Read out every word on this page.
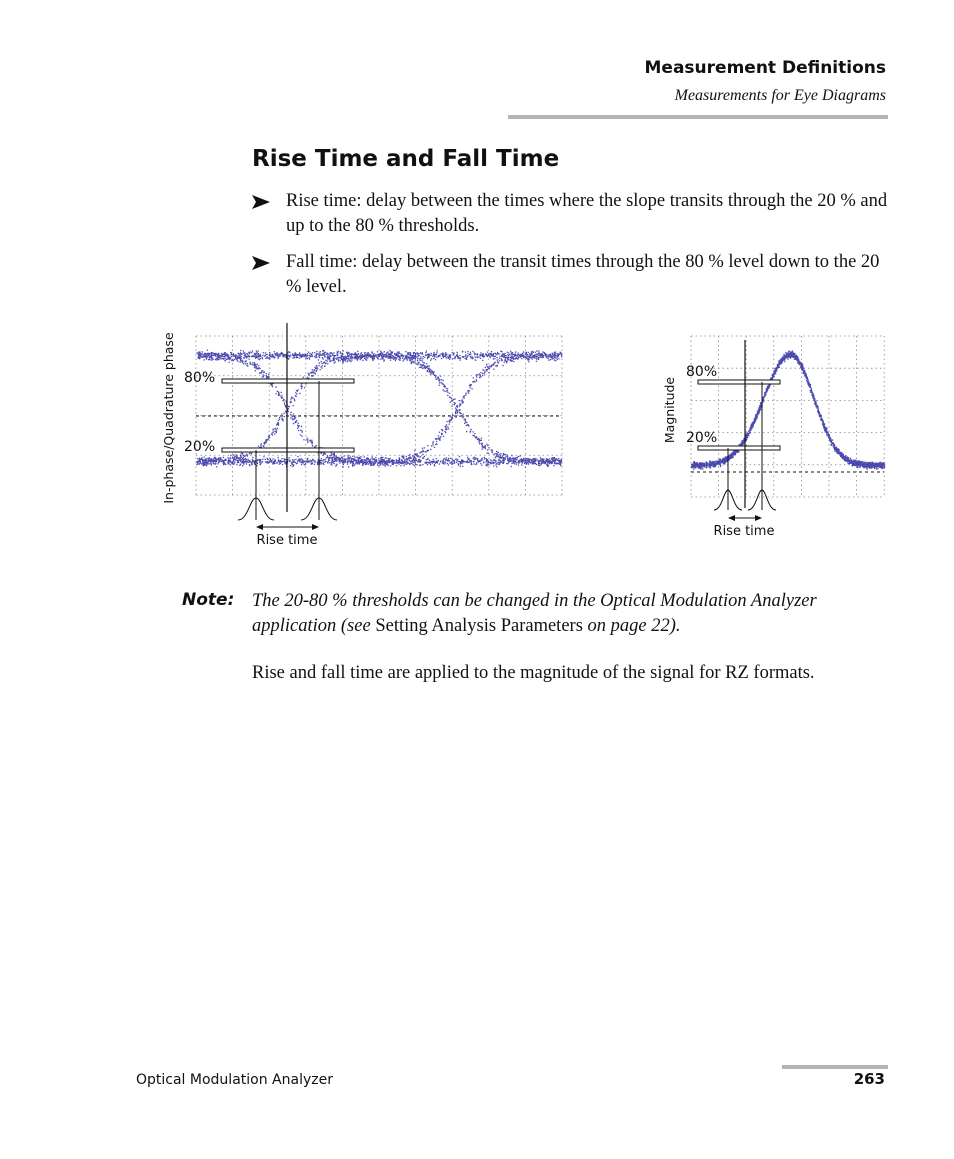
Measurement Definitions
Measurements for Eye Diagrams
Rise Time and Fall Time
Rise time: delay between the times where the slope transits through the 20 % and up to the 80 % thresholds.
Fall time: delay between the transit times through the 80 % level down to the 20 % level.
80%
20%
Rise time
In-phase/Quadrature phase	80%
20%
Rise time
Magnitude
Note: The 20-80 % thresholds can be changed in the Optical Modulation Analyzer application (see Setting Analysis Parameters on page 22).
Rise and fall time are applied to the magnitude of the signal for RZ formats.
Optical Modulation Analyzer	263
